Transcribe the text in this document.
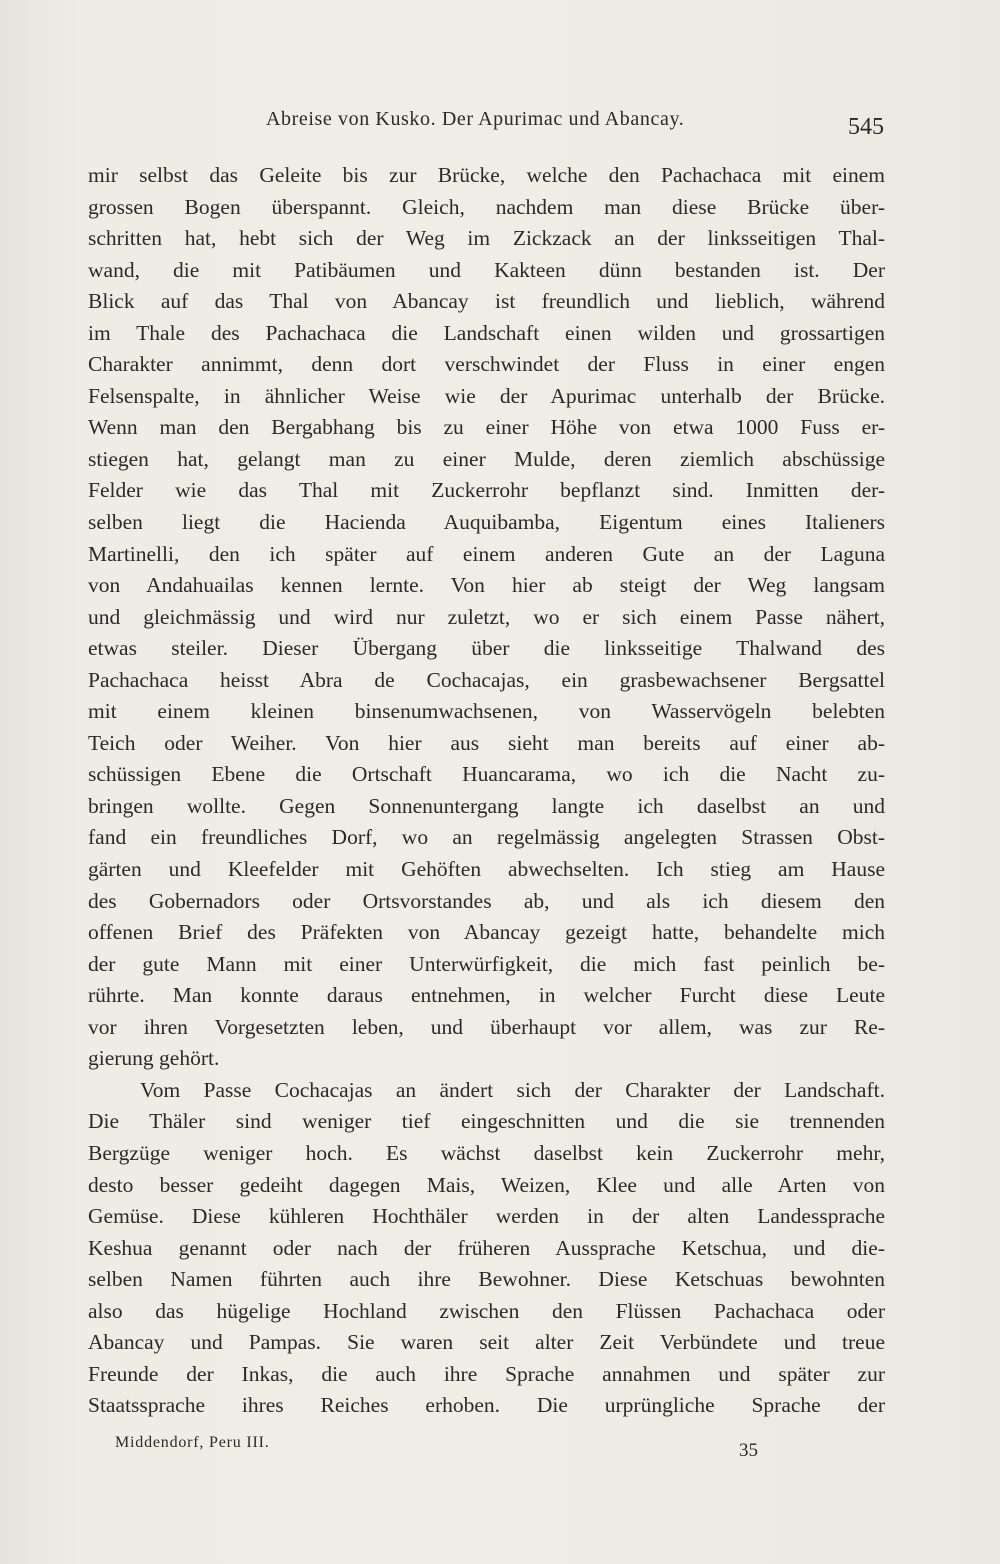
Abreise von Kusko. Der Apurimac und Abancay.	545
mir selbst das Geleite bis zur Brücke, welche den Pachachaca mit einem
grossen Bogen überspannt. Gleich, nachdem man diese Brücke über-
schritten hat, hebt sich der Weg im Zickzack an der linksseitigen Thal-
wand, die mit Patibäumen und Kakteen dünn bestanden ist. Der
Blick auf das Thal von Abancay ist freundlich und lieblich, während
im Thale des Pachachaca die Landschaft einen wilden und grossartigen
Charakter annimmt, denn dort verschwindet der Fluss in einer engen
Felsenspalte, in ähnlicher Weise wie der Apurimac unterhalb der Brücke.
Wenn man den Bergabhang bis zu einer Höhe von etwa 1000 Fuss er-
stiegen hat, gelangt man zu einer Mulde, deren ziemlich abschüssige
Felder wie das Thal mit Zuckerrohr bepflanzt sind. Inmitten der-
selben liegt die Hacienda Auquibamba, Eigentum eines Italieners
Martinelli, den ich später auf einem anderen Gute an der Laguna
von Andahuailas kennen lernte. Von hier ab steigt der Weg langsam
und gleichmässig und wird nur zuletzt, wo er sich einem Passe nähert,
etwas steiler. Dieser Übergang über die linksseitige Thalwand des
Pachachaca heisst Abra de Cochacajas, ein grasbewachsener Bergsattel
mit einem kleinen binsenumwachsenen, von Wasservögeln belebten
Teich oder Weiher. Von hier aus sieht man bereits auf einer ab-
schüssigen Ebene die Ortschaft Huancarama, wo ich die Nacht zu-
bringen wollte. Gegen Sonnenuntergang langte ich daselbst an und
fand ein freundliches Dorf, wo an regelmässig angelegten Strassen Obst-
gärten und Kleefelder mit Gehöften abwechselten. Ich stieg am Hause
des Gobernadors oder Ortsvorstandes ab, und als ich diesem den
offenen Brief des Präfekten von Abancay gezeigt hatte, behandelte mich
der gute Mann mit einer Unterwürfigkeit, die mich fast peinlich be-
rührte. Man konnte daraus entnehmen, in welcher Furcht diese Leute
vor ihren Vorgesetzten leben, und überhaupt vor allem, was zur Re-
gierung gehört.
Vom Passe Cochacajas an ändert sich der Charakter der Landschaft.
Die Thäler sind weniger tief eingeschnitten und die sie trennenden
Bergzüge weniger hoch. Es wächst daselbst kein Zuckerrohr mehr,
desto besser gedeiht dagegen Mais, Weizen, Klee und alle Arten von
Gemüse. Diese kühleren Hochthäler werden in der alten Landessprache
Keshua genannt oder nach der früheren Aussprache Ketschua, und die-
selben Namen führten auch ihre Bewohner. Diese Ketschuas bewohnten
also das hügelige Hochland zwischen den Flüssen Pachachaca oder
Abancay und Pampas. Sie waren seit alter Zeit Verbündete und treue
Freunde der Inkas, die auch ihre Sprache annahmen und später zur
Staatssprache ihres Reiches erhoben. Die urprüngliche Sprache der
Middendorf, Peru III.	35
